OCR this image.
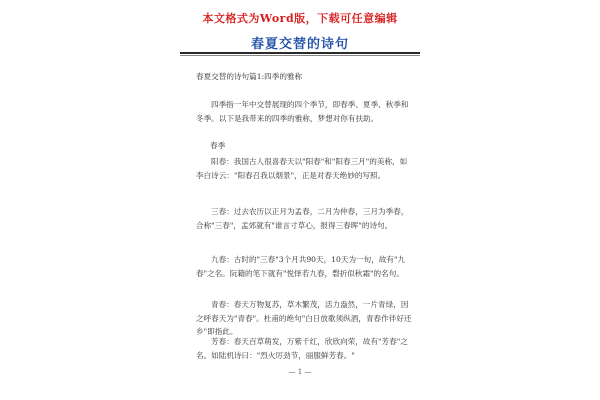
本文格式为Word版，下载可任意编辑
春夏交替的诗句
春夏交替的诗句篇1:四季的雅称
四季指一年中交替展现的四个季节，即春季、夏季、秋季和冬季。以下是我带来的四季的雅称，梦想对你有扶助。
春季
阳春：我国古人很喜春天以"阳春"和"阳春三月"的美称，如李白诗云："阳春召我以烟景"，正是对春天绝妙的写照。
三春：过去农历以正月为孟春，二月为仲春，三月为季春，合称"三春"，孟郊就有"谁言寸草心，报得三春晖"的诗句。
九春：古时的"三春"3个月共90天，10天为一旬，故有"九春"之名。阮籍的笔下就有"悦怿若九春，磬折似秋霜"的名句。
青春：春天万物复苏，草木繁茂，活力盎然，一片青绿，因之呼春天为"青春"。杜甫的绝句"白日放歌须纵酒，青春作伴好还乡"即指此。
芳春：春天百草萌发，万紫千红，欣欣向荣，故有"芳春"之名。如陆机诗曰："烈火厉劲节，丽服鲜芳春。"
— 1 —
